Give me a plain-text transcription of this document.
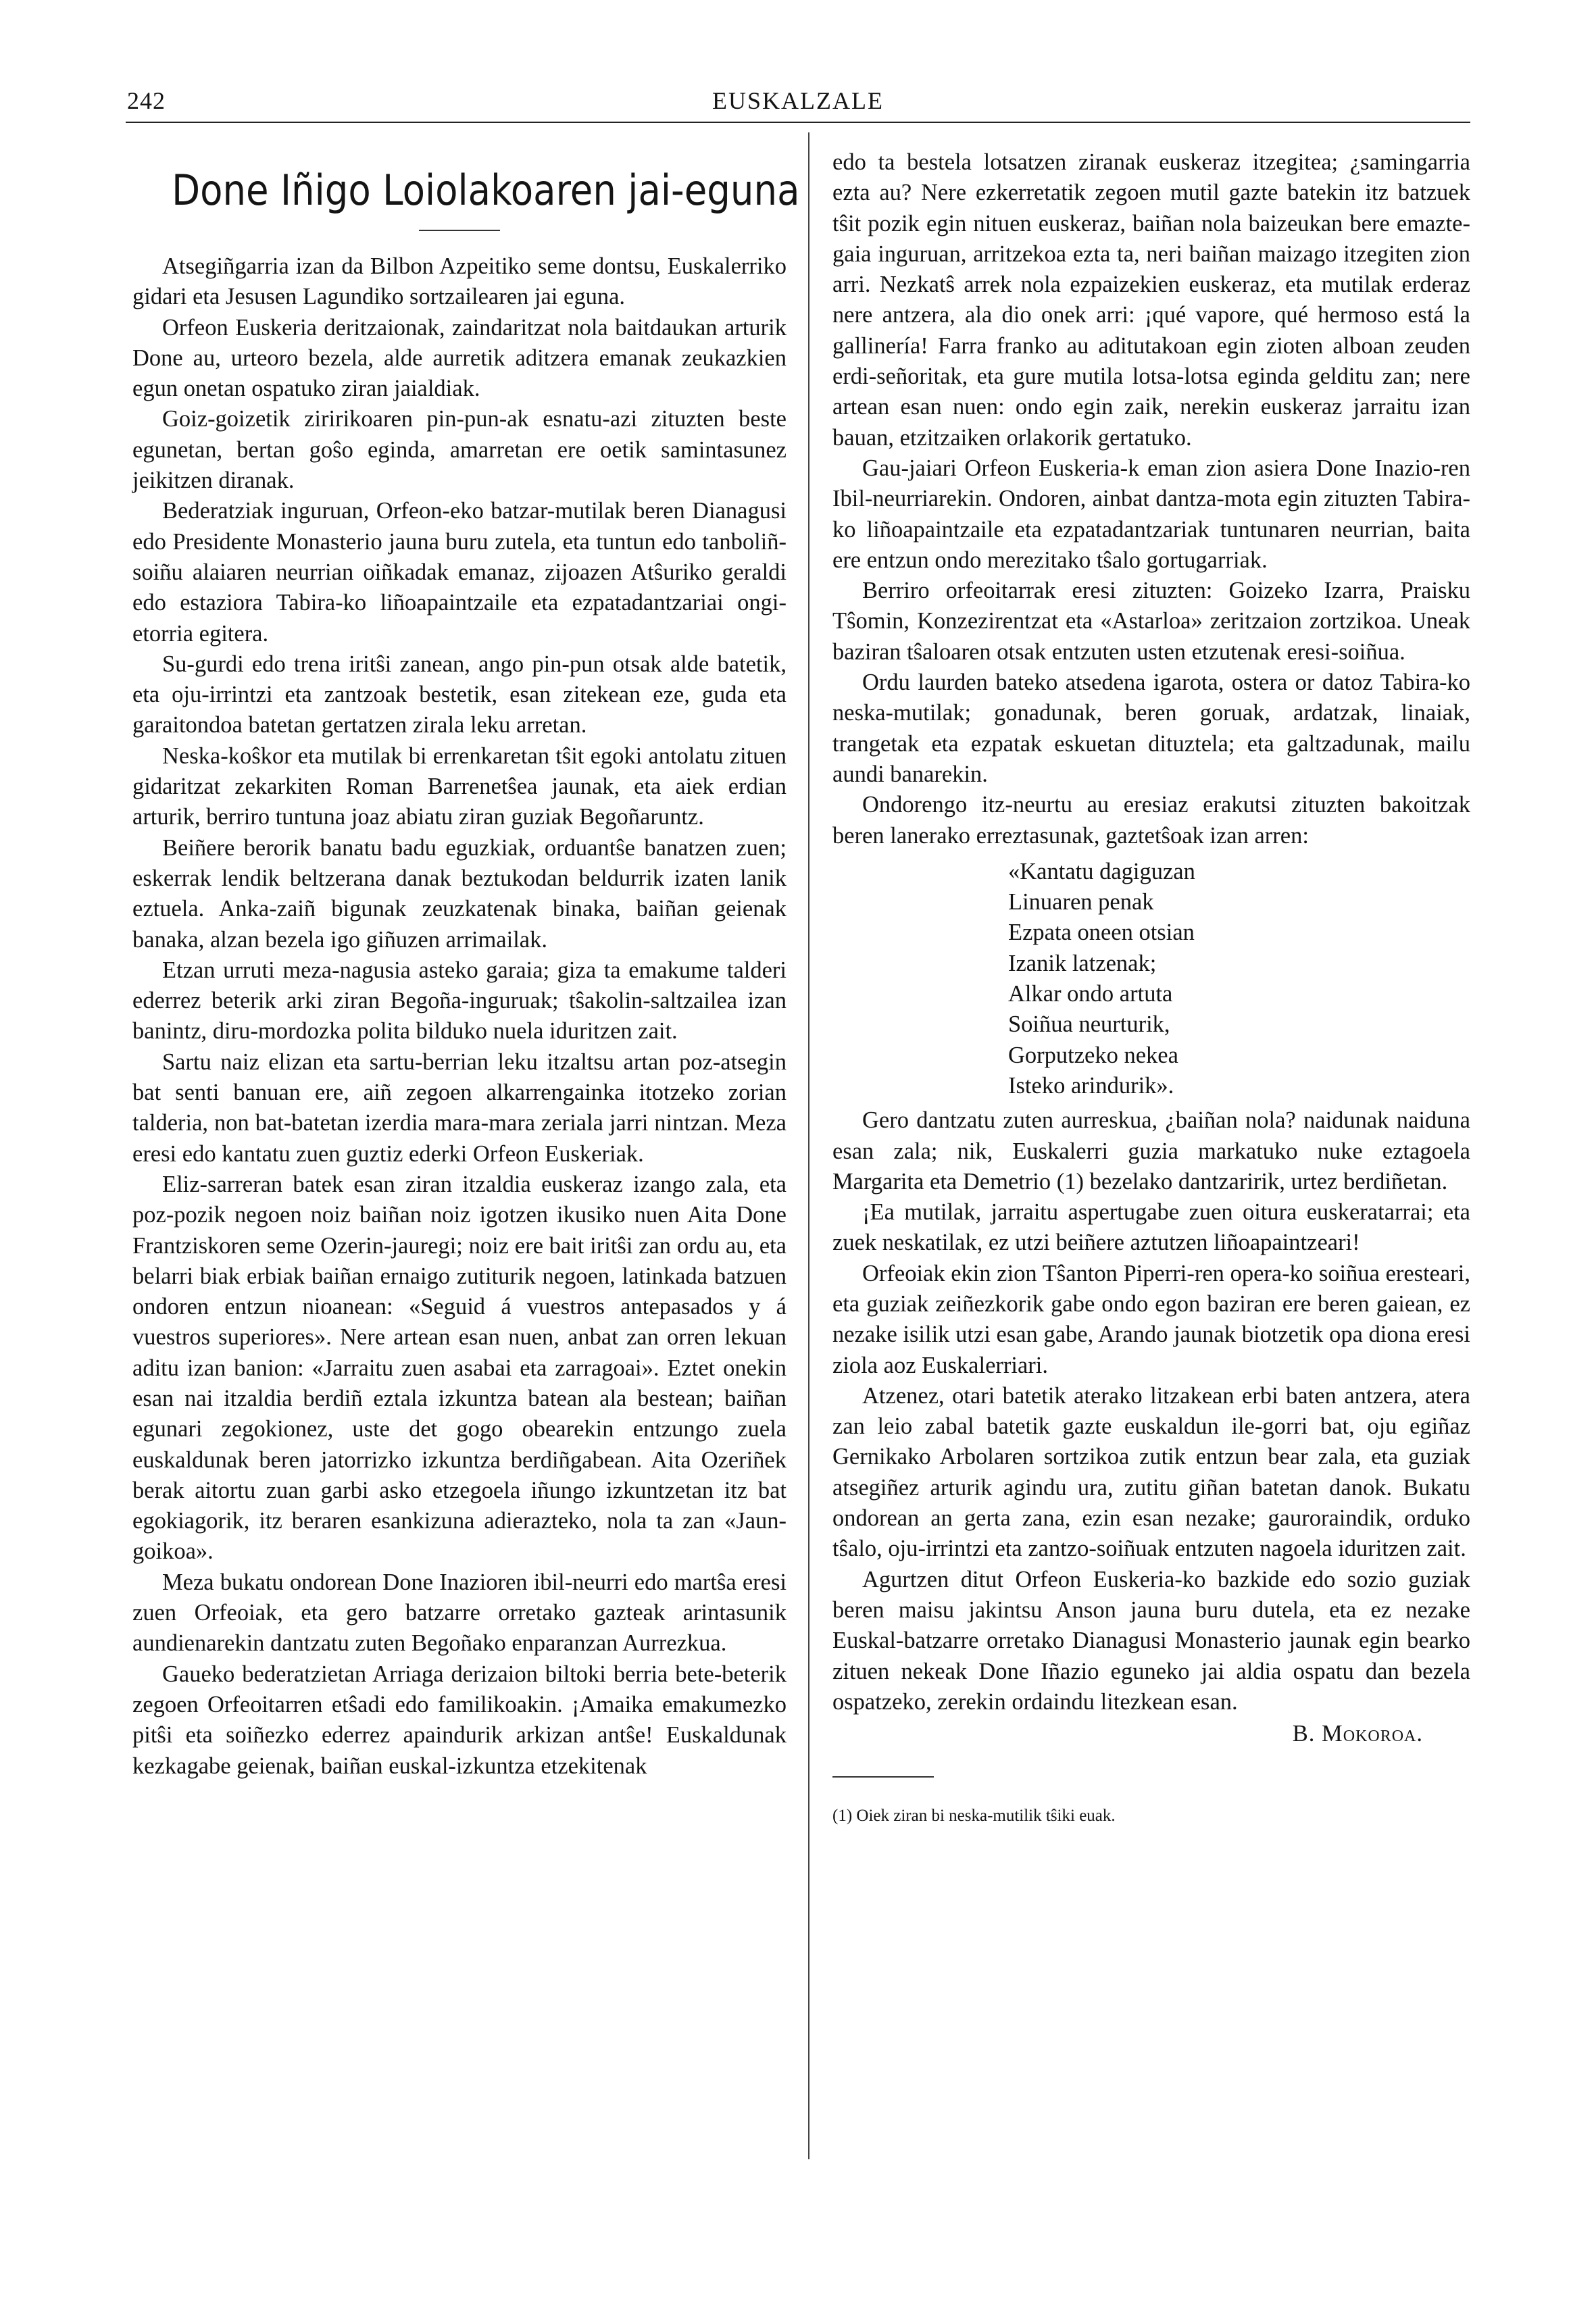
242	EUSKALZALE
Done Iñigo Loiolakoaren jai-eguna

Atsegiñgarria izan da Bilbon Azpeitiko seme dontsu, Euskalerriko gidari eta Jesusen Lagundiko sortzailearen jai eguna.

Orfeon Euskeria deritzaionak, zaindaritzat nola baitdaukan arturik Done au, urteoro bezela, alde aurretik aditzera emanak zeukazkien egun onetan ospatuko ziran jaialdiak.

Goiz-goizetik ziririkoaren pin-pun-ak esnatu-azi zituzten beste egunetan, bertan goŝo eginda, amarretan ere oetik samintasunez jeikitzen diranak.

Bederatziak inguruan, Orfeon-eko batzar-mutilak beren Dianagusi edo Presidente Monasterio jauna buru zutela, eta tuntun edo tanboliñ-soiñu alaiaren neurrian oiñkadak emanaz, zijoazen Atŝuriko geraldi edo estaziora Tabira-ko liñoapaintzaile eta ezpatadantzariai ongi-etorria egitera.

Su-gurdi edo trena iritŝi zanean, ango pin-pun otsak alde batetik, eta oju-irrintzi eta zantzoak bestetik, esan zitekean eze, guda eta garaitondoa batetan gertatzen zirala leku arretan.

Neska-koŝkor eta mutilak bi errenkaretan tŝit egoki antolatu zituen gidaritzat zekarkiten Roman Barrenetŝea jaunak, eta aiek erdian arturik, berriro tuntuna joaz abiatu ziran guziak Begoñaruntz.

Beiñere berorik banatu badu eguzkiak, orduantŝe banatzen zuen; eskerrak lendik beltzerana danak beztukodan beldurrik izaten lanik eztuela. Anka-zaiñ bigunak zeuzkatenak binaka, baiñan geienak banaka, alzan bezela igo giñuzen arrimailak.

Etzan urruti meza-nagusia asteko garaia; giza ta emakume talderi ederrez beterik arki ziran Begoña-inguruak; tŝakolin-saltzailea izan banintz, diru-mordozka polita bilduko nuela iduritzen zait.

Sartu naiz elizan eta sartu-berrian leku itzaltsu artan poz-atsegin bat senti banuan ere, aiñ zegoen alkarrengainka itotzeko zorian talderia, non bat-batetan izerdia mara-mara zeriala jarri nintzan. Meza eresi edo kantatu zuen guztiz ederki Orfeon Euskeriak.

Eliz-sarreran batek esan ziran itzaldia euskeraz izango zala, eta poz-pozik negoen noiz baiñan noiz igotzen ikusiko nuen Aita Done Frantziskoren seme Ozerin-jauregi; noiz ere bait iritŝi zan ordu au, eta belarri biak erbiak baiñan ernaigo zutiturik negoen, latinkada batzuen ondoren entzun nioanean: «Seguid á vuestros antepasados y á vuestros superiores». Nere artean esan nuen, anbat zan orren lekuan aditu izan banion: «Jarraitu zuen asabai eta zarragoai». Eztet onekin esan nai itzaldia berdiñ eztala izkuntza batean ala bestean; baiñan egunari zegokionez, uste det gogo obearekin entzungo zuela euskaldunak beren jatorrizko izkuntza berdiñgabean. Aita Ozeriñek berak aitortu zuan garbi asko etzegoela iñungo izkuntzetan itz bat egokiagorik, itz beraren esankizuna adierazteko, nola ta zan «Jaun-goikoa».

Meza bukatu ondorean Done Inazioren ibil-neurri edo martŝa eresi zuen Orfeoiak, eta gero batzarre orretako gazteak arintasunik aundienarekin dantzatu zuten Begoñako enparanzan Aurrezkua.

Gaueko bederatzietan Arriaga derizaion biltoki berria bete-beterik zegoen Orfeoitarren etŝadi edo familikoakin. ¡Amaika emakumezko pitŝi eta soiñezko ederrez apaindurik arkizan antŝe! Euskaldunak kezkagabe geienak, baiñan euskal-izkuntza etzekitenak

edo ta bestela lotsatzen ziranak euskeraz itzegitea; ¿samingarria ezta au? Nere ezkerretatik zegoen mutil gazte batekin itz batzuek tŝit pozik egin nituen euskeraz, baiñan nola baizeukan bere emazte-gaia inguruan, arritzekoa ezta ta, neri baiñan maizago itzegiten zion arri. Nezkatŝ arrek nola ezpaizekien euskeraz, eta mutilak erderaz nere antzera, ala dio onek arri: ¡qué vapore, qué hermoso está la gallinería! Farra franko au aditutakoan egin zioten alboan zeuden erdi-señoritak, eta gure mutila lotsa-lotsa eginda gelditu zan; nere artean esan nuen: ondo egin zaik, nerekin euskeraz jarraitu izan bauan, etzitzaiken orlakorik gertatuko.

Gau-jaiari Orfeon Euskeria-k eman zion asiera Done Inazio-ren Ibil-neurriarekin. Ondoren, ainbat dantza-mota egin zituzten Tabira-ko liñoapaintzaile eta ezpatadantzariak tuntunaren neurrian, baita ere entzun ondo merezitako tŝalo gortugarriak.

Berriro orfeoitarrak eresi zituzten: Goizeko Izarra, Praisku Tŝomin, Konzezirentzat eta «Astarloa» zeritzaion zortzikoa. Uneak baziran tŝaloaren otsak entzuten usten etzutenak eresi-soiñua.

Ordu laurden bateko atsedena igarota, ostera or datoz Tabira-ko neska-mutilak; gonadunak, beren goruak, ardatzak, linaiak, trangetak eta ezpatak eskuetan dituztela; eta galtzadunak, mailu aundi banarekin.

Ondorengo itz-neurtu au eresiaz erakutsi zituzten bakoitzak beren lanerako erreztasunak, gaztetŝoak izan arren:

«Kantatu dagiguzan
Linuaren penak
Ezpata oneen otsian
Izanik latzenak;
Alkar ondo artuta
Soiñua neurturik,
Gorputzeko nekea
Isteko arindurik».

Gero dantzatu zuten aurreskua, ¿baiñan nola? naidunak naiduna esan zala; nik, Euskalerri guzia markatuko nuke eztagoela Margarita eta Demetrio (1) bezelako dantzaririk, urtez berdiñetan.

¡Ea mutilak, jarraitu aspertugabe zuen oitura euskeratarrai; eta zuek neskatilak, ez utzi beiñere aztutzen liñoapaintzeari!

Orfeoiak ekin zion Tŝanton Piperri-ren opera-ko soiñua eresteari, eta guziak zeiñezkorik gabe ondo egon baziran ere beren gaiean, ez nezake isilik utzi esan gabe, Arando jaunak biotzetik opa diona eresi ziola aoz Euskalerriari.

Atzenez, otari batetik aterako litzakean erbi baten antzera, atera zan leio zabal batetik gazte euskaldun ile-gorri bat, oju egiñaz Gernikako Arbolaren sortzikoa zutik entzun bear zala, eta guziak atsegiñez arturik agindu ura, zutitu giñan batetan danok. Bukatu ondorean an gerta zana, ezin esan nezake; gauroraindik, orduko tŝalo, oju-irrintzi eta zantzo-soiñuak entzuten nagoela iduritzen zait.

Agurtzen ditut Orfeon Euskeria-ko bazkide edo sozio guziak beren maisu jakintsu Anson jauna buru dutela, eta ez nezake Euskal-batzarre orretako Dianagusi Monasterio jaunak egin bearko zituen nekeak Done Iñazio eguneko jai aldia ospatu dan bezela ospatzeko, zerekin ordaindu litezkean esan.

B. Mokoroa.

(1) Oiek ziran bi neska-mutilik tŝiki euak.
